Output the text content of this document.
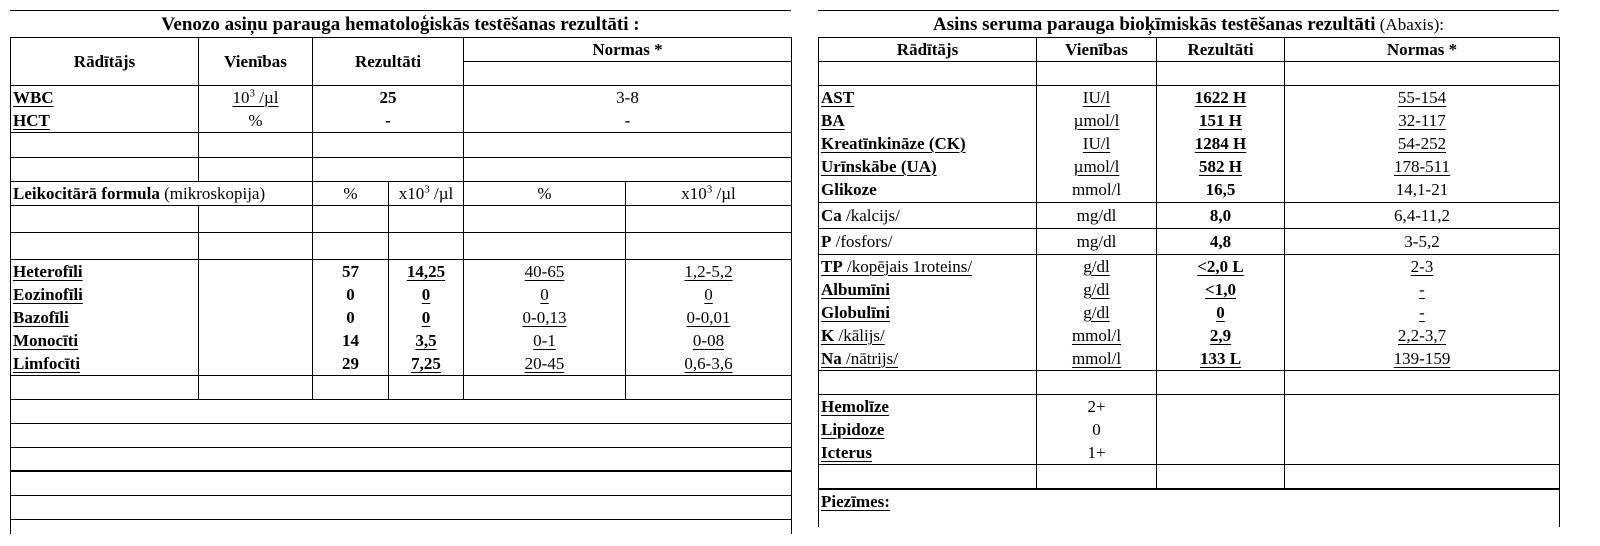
Venozo asiņu parauga hematoloģiskās testēšanas rezultāti :
Rādītājs	Vienības	Rezultāti		Normas *	

WBC	$10^3$ /µl	25		3-8	
HCT	%	-		-	

Leikocitārā formula (mikroskopija)		%	$x10^3$ /µl	%	$x10^3$ /µl

Heterofīli		57	14,25	40-65	1,2-5,2
Eozinofīli		0	0	0	0
Bazofīli		0	0	0-0,13	0-0,01
Monocīti		14	3,5	0-1	0-08
Limfocīti		29	7,25	20-45	0,6-3,6

Asins seruma parauga bioķīmiskās testēšanas rezultāti (Abaxis):
Rādītājs	Vienības	Rezultāti	Normas *

AST	IU/l	1622 H	55-154
BA	µmol/l	151 H	32-117
Kreatīnkināze (CK)	IU/l	1284 H	54-252
Urīnskābe (UA)	µmol/l	582 H	178-511
Glikoze	mmol/l	16,5	14,1-21
Ca /kalcijs/	mg/dl	8,0	6,4-11,2
P /fosfors/	mg/dl	4,8	3-5,2
TP /kopējais 1roteins/	g/dl	<2,0 L	2-3
Albumīni	g/dl	<1,0	-
Globulīni	g/dl	0	-
K /kālijs/	mmol/l	2,9	2,2-3,7
Na /nātrijs/	mmol/l	133 L	139-159

Hemolīze	2+		
Lipidoze	0		
Icterus	1+		

Piezīmes:			
